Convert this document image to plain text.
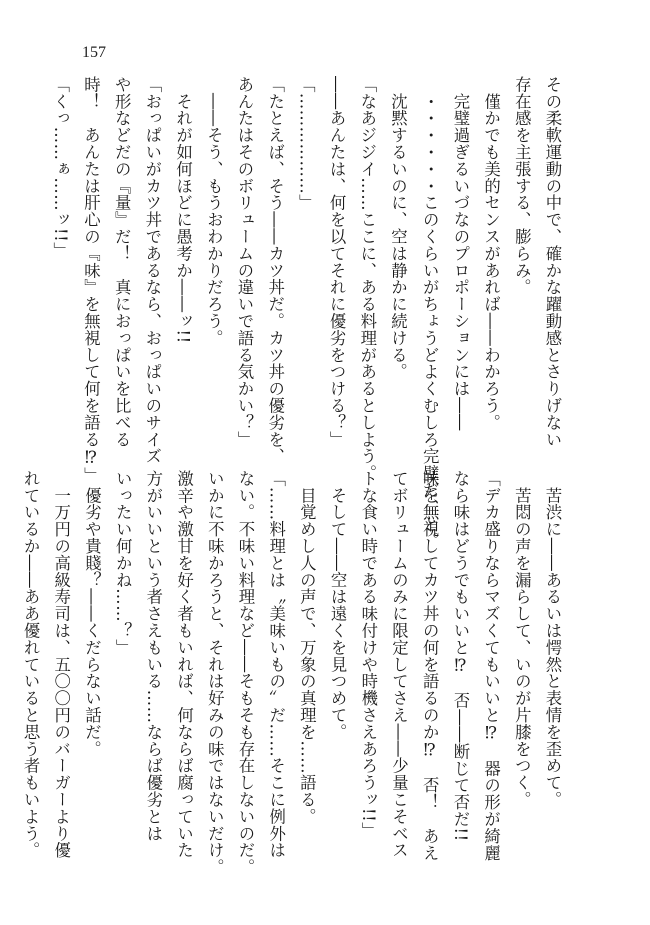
157
その柔軟運動の中で、確かな躍動感とさりげない
存在感を主張する、膨らみ。
　僅かでも美的センスがあれば――わかろう。
　完璧過ぎるいづなのプロポーションには――
　・・・・・・このくらいがちょうどよくむしろ完璧だ、と。
　沈黙するいのに、空は静かに続ける。
「なあジジイ……ここに、ある料理があるとしよう。
――あんたは、何を以てそれに優劣をつける？」
「………………」
「たとえば、そう――カツ丼だ。カツ丼の優劣を、
あんたはそのボリュームの違いで語る気かい？」
　――そう、もうおわかりだろう。
　それが如何ほどに愚考か――ッ!!
「おっぱいがカツ丼であるなら、おっぱいのサイズ
や形などだの『量』だ！　真におっぱいを比べる
時！　あんたは肝心の『味』を無視して何を語る⁉」
「くっ……ぁ……ッ!!」
　苦渋に――あるいは愕然と表情を歪めて。
　苦悶の声を漏らして、いのが片膝をつく。
「デカ盛りならマズくてもいいと⁉　器の形が綺麗
なら味はどうでもいいと⁉　否――断じて否だ!!
味を無視してカツ丼の何を語るのか⁉　否！　あえ
てボリュームのみに限定してさえ――少量こそベス
トな食い時である味付けや時機さえあろうッ!!」
　そして――空は遠くを見つめて。
　目覚めし人の声で、万象の真理を……語る。
「……料理とは〝美味いもの〟だ……そこに例外は
ない。不味い料理など――そもそも存在しないのだ。
いかに不味かろうと、それは好みの味ではないだけ。
激辛や激甘を好く者もいれば、何ならば腐っていた
方がいいという者さえもいる……ならば優劣とは
いったい何かね……？」
　優劣や貴賤？――くだらない話だ。
　一万円の高級寿司は、五〇〇円のバーガーより優
れているか――ああ優れていると思う者もいよう。
